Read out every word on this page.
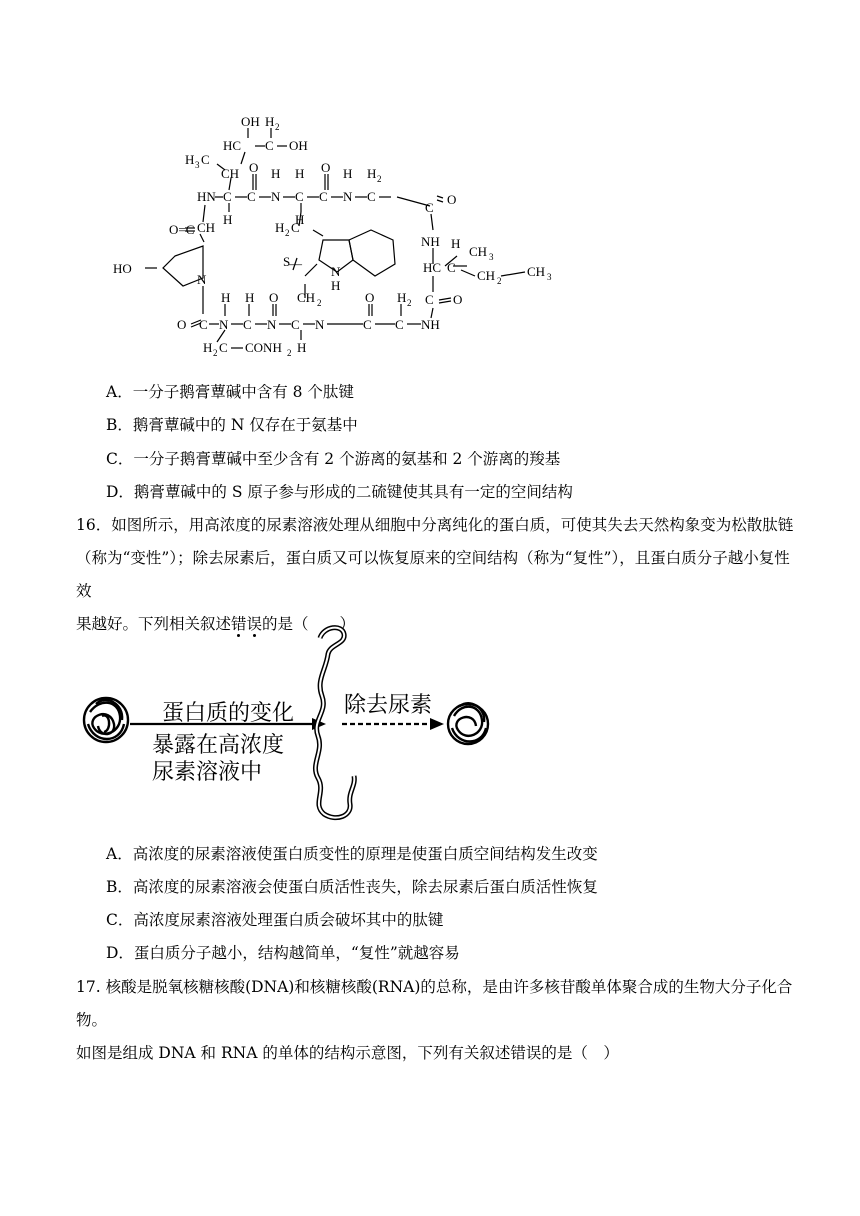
OH H 2
HC C OH
H 3 C
CH
HN C C N C C N C
H	H
H H	H H 2
O	O
O
C
O=C CH
HO
N
H 2 C
S
—
N
H
NH H
HC C
CH 3
CH 2
CH 3
C O
H H O	O H 2
O C N C N C N	C C NH
CH 2
H 2 C CONH 2 H
A．一分子鹅膏蕈碱中含有 8 个肽键
B．鹅膏蕈碱中的 N 仅存在于氨基中
C．一分子鹅膏蕈碱中至少含有 2 个游离的氨基和 2 个游离的羧基
D．鹅膏蕈碱中的 S 原子参与形成的二硫键使其具有一定的空间结构

16．如图所示，用高浓度的尿素溶液处理从细胞中分离纯化的蛋白质，可使其失去天然构象变为松散肽链

（称为“变性”）；除去尿素后，蛋白质又可以恢复原来的空间结构（称为“复性”），且蛋白质分子越小复性效

果越好。下列相关叙述错误的是（　　）

蛋白质的变化
暴露在高浓度
尿素溶液中
除去尿素
A．高浓度的尿素溶液使蛋白质变性的原理是使蛋白质空间结构发生改变
B．高浓度的尿素溶液会使蛋白质活性丧失，除去尿素后蛋白质活性恢复
C．高浓度尿素溶液处理蛋白质会破坏其中的肽键
D．蛋白质分子越小，结构越简单，“复性”就越容易

17. 核酸是脱氧核糖核酸(DNA)和核糖核酸(RNA)的总称，是由许多核苷酸单体聚合成的生物大分子化合物。

如图是组成 DNA 和 RNA 的单体的结构示意图，下列有关叙述错误的是（　）
